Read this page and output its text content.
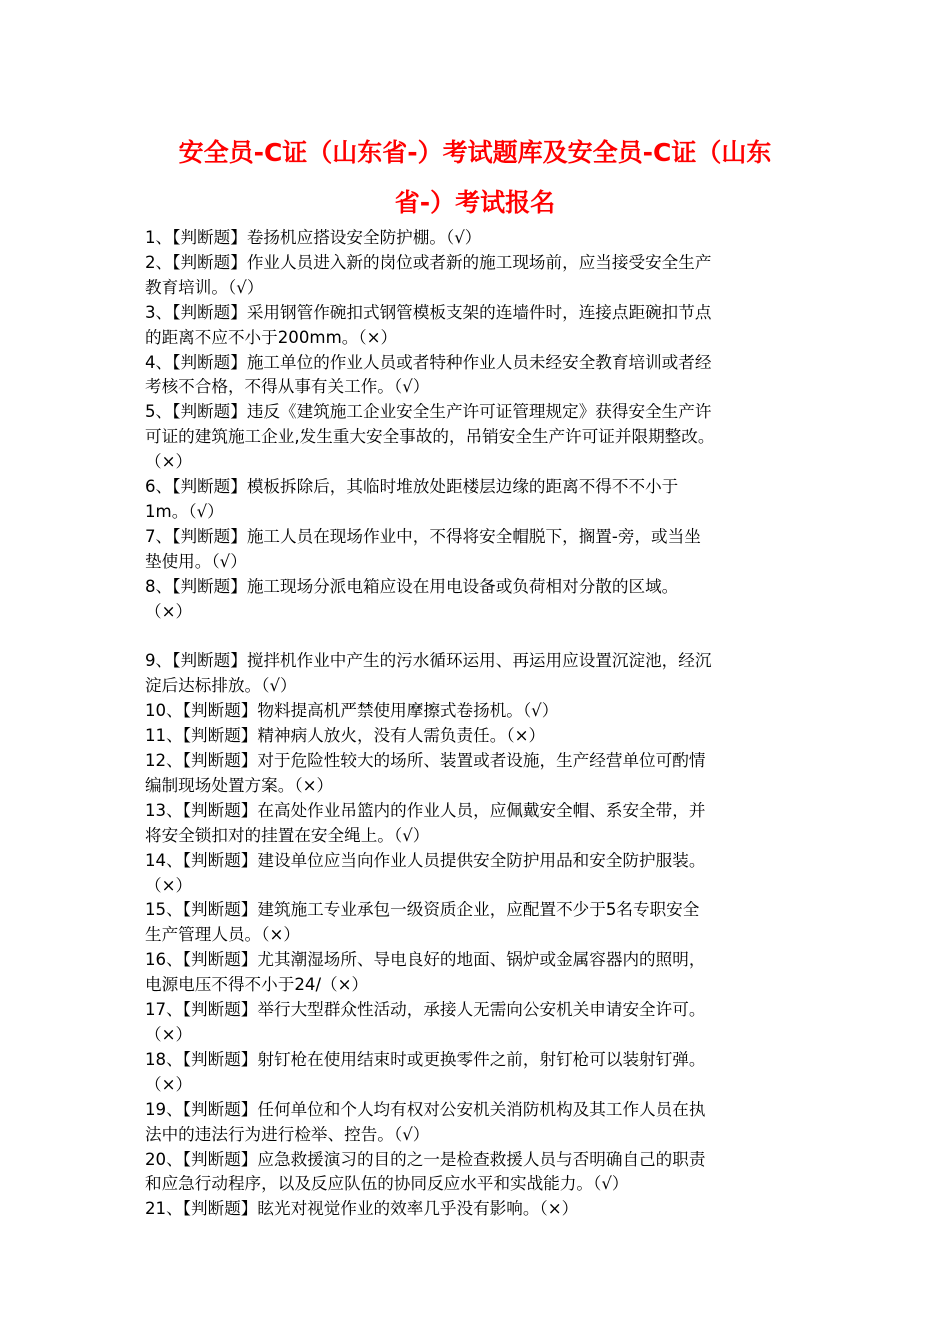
安全员-C证（山东省-）考试题库及安全员-C证（山东
省-）考试报名
1、【判断题】卷扬机应搭设安全防护棚。（√）
2、【判断题】作业人员进入新的岗位或者新的施工现场前，应当接受安全生产
教育培训。（√）
3、【判断题】采用钢管作碗扣式钢管模板支架的连墙件时，连接点距碗扣节点
的距离不应不小于200mm。（×）
4、【判断题】施工单位的作业人员或者特种作业人员未经安全教育培训或者经
考核不合格，不得从事有关工作。（√）
5、【判断题】违反《建筑施工企业安全生产许可证管理规定》获得安全生产许
可证的建筑施工企业,发生重大安全事故的，吊销安全生产许可证并限期整改。
（×）
6、【判断题】模板拆除后，其临时堆放处距楼层边缘的距离不得不不小于
1m。（√）
7、【判断题】施工人员在现场作业中，不得将安全帽脱下，搁置-旁，或当坐
垫使用。（√）
8、【判断题】施工现场分派电箱应设在用电设备或负荷相对分散的区域。
（×）
9、【判断题】搅拌机作业中产生的污水循环运用、再运用应设置沉淀池，经沉
淀后达标排放。（√）
10、【判断题】物料提高机严禁使用摩擦式卷扬机。（√）
11、【判断题】精神病人放火，没有人需负责任。（×）
12、【判断题】对于危险性较大的场所、装置或者设施，生产经营单位可酌情
编制现场处置方案。（×）
13、【判断题】在高处作业吊篮内的作业人员，应佩戴安全帽、系安全带，并
将安全锁扣对的挂置在安全绳上。（√）
14、【判断题】建设单位应当向作业人员提供安全防护用品和安全防护服装。
（×）
15、【判断题】建筑施工专业承包一级资质企业，应配置不少于5名专职安全
生产管理人员。（×）
16、【判断题】尤其潮湿场所、导电良好的地面、锅炉或金属容器内的照明，
电源电压不得不小于24/（×）
17、【判断题】举行大型群众性活动，承接人无需向公安机关申请安全许可。
（×）
18、【判断题】射钉枪在使用结束时或更换零件之前，射钉枪可以装射钉弹。
（×）
19、【判断题】任何单位和个人均有权对公安机关消防机构及其工作人员在执
法中的违法行为进行检举、控告。（√）
20、【判断题】应急救援演习的目的之一是检查救援人员与否明确自己的职责
和应急行动程序，以及反应队伍的协同反应水平和实战能力。（√）
21、【判断题】眩光对视觉作业的效率几乎没有影响。（×）
